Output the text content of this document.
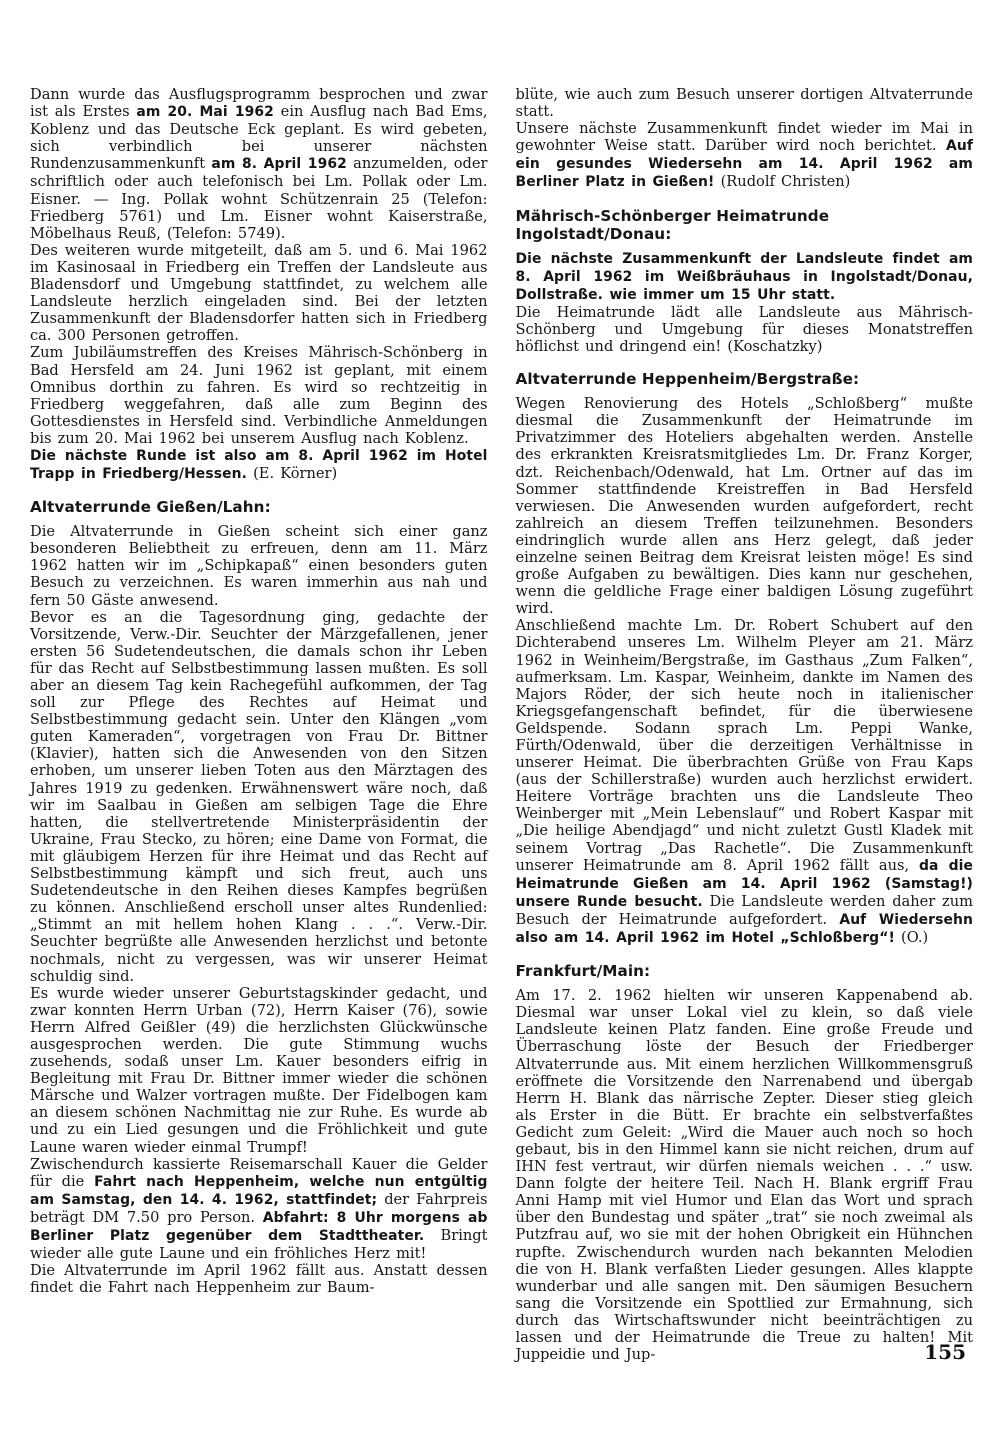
Dann wurde das Ausflugsprogramm besprochen und zwar ist als Erstes am 20. Mai 1962 ein Ausflug nach Bad Ems, Koblenz und das Deutsche Eck geplant. Es wird gebeten, sich verbindlich bei unserer nächsten Rundenzusammenkunft am 8. April 1962 anzumelden, oder schriftlich oder auch telefonisch bei Lm. Pollak oder Lm. Eisner. — Ing. Pollak wohnt Schützenrain 25 (Telefon: Friedberg 5761) und Lm. Eisner wohnt Kaiserstraße, Möbelhaus Reuß, (Telefon: 5749).

Des weiteren wurde mitgeteilt, daß am 5. und 6. Mai 1962 im Kasinosaal in Friedberg ein Treffen der Landsleute aus Bladensdorf und Umgebung stattfindet, zu welchem alle Landsleute herzlich eingeladen sind. Bei der letzten Zusammenkunft der Bladensdorfer hatten sich in Friedberg ca. 300 Personen getroffen.

Zum Jubiläumstreffen des Kreises Mährisch-Schönberg in Bad Hersfeld am 24. Juni 1962 ist geplant, mit einem Omnibus dorthin zu fahren. Es wird so rechtzeitig in Friedberg weggefahren, daß alle zum Beginn des Gottesdienstes in Hersfeld sind. Verbindliche Anmeldungen bis zum 20. Mai 1962 bei unserem Ausflug nach Koblenz.

Die nächste Runde ist also am 8. April 1962 im Hotel Trapp in Friedberg/Hessen. (E. Körner)

Altvaterrunde Gießen/Lahn:

Die Altvaterrunde in Gießen scheint sich einer ganz besonderen Beliebtheit zu erfreuen, denn am 11. März 1962 hatten wir im „Schipkapaß“ einen besonders guten Besuch zu verzeichnen. Es waren immerhin aus nah und fern 50 Gäste anwesend.

Bevor es an die Tagesordnung ging, gedachte der Vorsitzende, Verw.-Dir. Seuchter der Märzgefallenen, jener ersten 56 Sudetendeutschen, die damals schon ihr Leben für das Recht auf Selbstbestimmung lassen mußten. Es soll aber an diesem Tag kein Rachegefühl aufkommen, der Tag soll zur Pflege des Rechtes auf Heimat und Selbstbestimmung gedacht sein. Unter den Klängen „vom guten Kameraden“, vorgetragen von Frau Dr. Bittner (Klavier), hatten sich die Anwesenden von den Sitzen erhoben, um unserer lieben Toten aus den Märztagen des Jahres 1919 zu gedenken. Erwähnenswert wäre noch, daß wir im Saalbau in Gießen am selbigen Tage die Ehre hatten, die stellvertretende Ministerpräsidentin der Ukraine, Frau Stecko, zu hören; eine Dame von Format, die mit gläubigem Herzen für ihre Heimat und das Recht auf Selbstbestimmung kämpft und sich freut, auch uns Sudetendeutsche in den Reihen dieses Kampfes begrüßen zu können. Anschließend erscholl unser altes Rundenlied: „Stimmt an mit hellem hohen Klang . . .“. Verw.-Dir. Seuchter begrüßte alle Anwesenden herzlichst und betonte nochmals, nicht zu vergessen, was wir unserer Heimat schuldig sind.

Es wurde wieder unserer Geburtstagskinder gedacht, und zwar konnten Herrn Urban (72), Herrn Kaiser (76), sowie Herrn Alfred Geißler (49) die herzlichsten Glückwünsche ausgesprochen werden. Die gute Stimmung wuchs zusehends, sodaß unser Lm. Kauer besonders eifrig in Begleitung mit Frau Dr. Bittner immer wieder die schönen Märsche und Walzer vortragen mußte. Der Fidelbogen kam an diesem schönen Nachmittag nie zur Ruhe. Es wurde ab und zu ein Lied gesungen und die Fröhlichkeit und gute Laune waren wieder einmal Trumpf!

Zwischendurch kassierte Reisemarschall Kauer die Gelder für die Fahrt nach Heppenheim, welche nun entgültig am Samstag, den 14. 4. 1962, stattfindet; der Fahrpreis beträgt DM 7.50 pro Person. Abfahrt: 8 Uhr morgens ab Berliner Platz gegenüber dem Stadttheater. Bringt wieder alle gute Laune und ein fröhliches Herz mit!

Die Altvaterrunde im April 1962 fällt aus. Anstatt dessen findet die Fahrt nach Heppenheim zur Baum-

blüte, wie auch zum Besuch unserer dortigen Altvaterrunde statt.

Unsere nächste Zusammenkunft findet wieder im Mai in gewohnter Weise statt. Darüber wird noch berichtet. Auf ein gesundes Wiedersehn am 14. April 1962 am Berliner Platz in Gießen! (Rudolf Christen)

Mährisch-Schönberger Heimatrunde Ingolstadt/Donau:

Die nächste Zusammenkunft der Landsleute findet am 8. April 1962 im Weißbräuhaus in Ingolstadt/Donau, Dollstraße. wie immer um 15 Uhr statt.

Die Heimatrunde lädt alle Landsleute aus Mährisch-Schönberg und Umgebung für dieses Monatstreffen höflichst und dringend ein! (Koschatzky)

Altvaterrunde Heppenheim/Bergstraße:

Wegen Renovierung des Hotels „Schloßberg“ mußte diesmal die Zusammenkunft der Heimatrunde im Privatzimmer des Hoteliers abgehalten werden. Anstelle des erkrankten Kreisratsmitgliedes Lm. Dr. Franz Korger, dzt. Reichenbach/Odenwald, hat Lm. Ortner auf das im Sommer stattfindende Kreistreffen in Bad Hersfeld verwiesen. Die Anwesenden wurden aufgefordert, recht zahlreich an diesem Treffen teilzunehmen. Besonders eindringlich wurde allen ans Herz gelegt, daß jeder einzelne seinen Beitrag dem Kreisrat leisten möge! Es sind große Aufgaben zu bewältigen. Dies kann nur geschehen, wenn die geldliche Frage einer baldigen Lösung zugeführt wird.

Anschließend machte Lm. Dr. Robert Schubert auf den Dichterabend unseres Lm. Wilhelm Pleyer am 21. März 1962 in Weinheim/Bergstraße, im Gasthaus „Zum Falken“, aufmerksam. Lm. Kaspar, Weinheim, dankte im Namen des Majors Röder, der sich heute noch in italienischer Kriegsgefangenschaft befindet, für die überwiesene Geldspende. Sodann sprach Lm. Peppi Wanke, Fürth/Odenwald, über die derzeitigen Verhältnisse in unserer Heimat. Die überbrachten Grüße von Frau Kaps (aus der Schillerstraße) wurden auch herzlichst erwidert. Heitere Vorträge brachten uns die Landsleute Theo Weinberger mit „Mein Lebenslauf“ und Robert Kaspar mit „Die heilige Abendjagd“ und nicht zuletzt Gustl Kladek mit seinem Vortrag „Das Rachetle“. Die Zusammenkunft unserer Heimatrunde am 8. April 1962 fällt aus, da die Heimatrunde Gießen am 14. April 1962 (Samstag!) unsere Runde besucht. Die Landsleute werden daher zum Besuch der Heimatrunde aufgefordert. Auf Wiedersehn also am 14. April 1962 im Hotel „Schloßberg“! (O.)

Frankfurt/Main:

Am 17. 2. 1962 hielten wir unseren Kappenabend ab. Diesmal war unser Lokal viel zu klein, so daß viele Landsleute keinen Platz fanden. Eine große Freude und Überraschung löste der Besuch der Friedberger Altvaterrunde aus. Mit einem herzlichen Willkommensgruß eröffnete die Vorsitzende den Narrenabend und übergab Herrn H. Blank das närrische Zepter. Dieser stieg gleich als Erster in die Bütt. Er brachte ein selbstverfaßtes Gedicht zum Geleit: „Wird die Mauer auch noch so hoch gebaut, bis in den Himmel kann sie nicht reichen, drum auf IHN fest vertraut, wir dürfen niemals weichen . . .“ usw. Dann folgte der heitere Teil. Nach H. Blank ergriff Frau Anni Hamp mit viel Humor und Elan das Wort und sprach über den Bundestag und später „trat“ sie noch zweimal als Putzfrau auf, wo sie mit der hohen Obrigkeit ein Hühnchen rupfte. Zwischendurch wurden nach bekannten Melodien die von H. Blank verfaßten Lieder gesungen. Alles klappte wunderbar und alle sangen mit. Den säumigen Besuchern sang die Vorsitzende ein Spottlied zur Ermahnung, sich durch das Wirtschaftswunder nicht beeinträchtigen zu lassen und der Heimatrunde die Treue zu halten! Mit Juppeidie und Jup-	155
